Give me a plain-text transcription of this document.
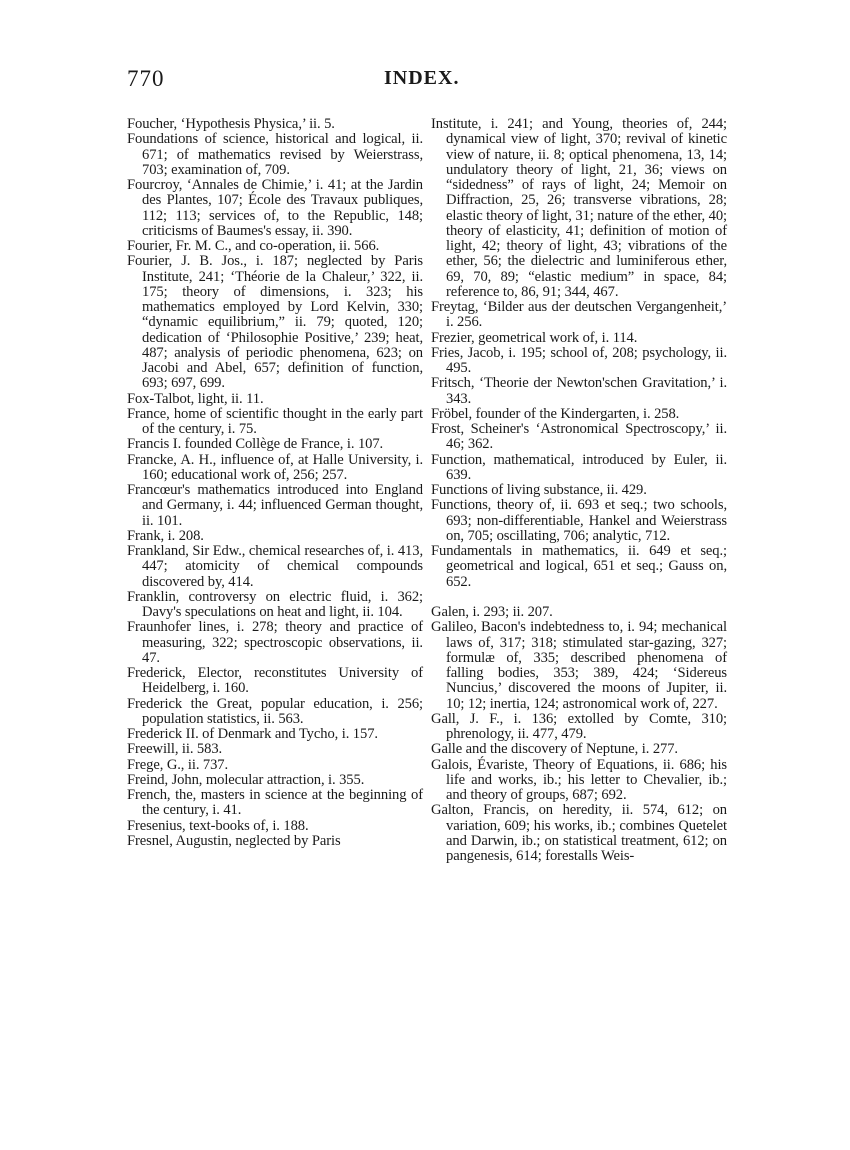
770	INDEX.

Foucher, ‘Hypothesis Physica,’ ii. 5.

Foundations of science, historical and logical, ii. 671; of mathematics revised by Weierstrass, 703; examination of, 709.

Fourcroy, ‘Annales de Chimie,’ i. 41; at the Jardin des Plantes, 107; École des Travaux publiques, 112; 113; services of, to the Republic, 148; criticisms of Baumes's essay, ii. 390.

Fourier, Fr. M. C., and co-operation, ii. 566.

Fourier, J. B. Jos., i. 187; neglected by Paris Institute, 241; ‘Théorie de la Chaleur,’ 322, ii. 175; theory of dimensions, i. 323; his mathematics employed by Lord Kelvin, 330; “dynamic equilibrium,” ii. 79; quoted, 120; dedication of ‘Philosophie Positive,’ 239; heat, 487; analysis of periodic phenomena, 623; on Jacobi and Abel, 657; definition of function, 693; 697, 699.

Fox-Talbot, light, ii. 11.

France, home of scientific thought in the early part of the century, i. 75.

Francis I. founded Collège de France, i. 107.

Francke, A. H., influence of, at Halle University, i. 160; educational work of, 256; 257.

Francœur's mathematics introduced into England and Germany, i. 44; influenced German thought, ii. 101.

Frank, i. 208.

Frankland, Sir Edw., chemical researches of, i. 413, 447; atomicity of chemical compounds discovered by, 414.

Franklin, controversy on electric fluid, i. 362; Davy's speculations on heat and light, ii. 104.

Fraunhofer lines, i. 278; theory and practice of measuring, 322; spectroscopic observations, ii. 47.

Frederick, Elector, reconstitutes University of Heidelberg, i. 160.

Frederick the Great, popular education, i. 256; population statistics, ii. 563.

Frederick II. of Denmark and Tycho, i. 157.

Freewill, ii. 583.

Frege, G., ii. 737.

Freind, John, molecular attraction, i. 355.

French, the, masters in science at the beginning of the century, i. 41.

Fresenius, text-books of, i. 188.

Fresnel, Augustin, neglected by Paris

Institute, i. 241; and Young, theories of, 244; dynamical view of light, 370; revival of kinetic view of nature, ii. 8; optical phenomena, 13, 14; undulatory theory of light, 21, 36; views on “sidedness” of rays of light, 24; Memoir on Diffraction, 25, 26; transverse vibrations, 28; elastic theory of light, 31; nature of the ether, 40; theory of elasticity, 41; definition of motion of light, 42; theory of light, 43; vibrations of the ether, 56; the dielectric and luminiferous ether, 69, 70, 89; “elastic medium” in space, 84; reference to, 86, 91; 344, 467.

Freytag, ‘Bilder aus der deutschen Vergangenheit,’ i. 256.

Frezier, geometrical work of, i. 114.

Fries, Jacob, i. 195; school of, 208; psychology, ii. 495.

Fritsch, ‘Theorie der Newton'schen Gravitation,’ i. 343.

Fröbel, founder of the Kindergarten, i. 258.

Frost, Scheiner's ‘Astronomical Spectroscopy,’ ii. 46; 362.

Function, mathematical, introduced by Euler, ii. 639.

Functions of living substance, ii. 429.

Functions, theory of, ii. 693 et seq.; two schools, 693; non-differentiable, Hankel and Weierstrass on, 705; oscillating, 706; analytic, 712.

Fundamentals in mathematics, ii. 649 et seq.; geometrical and logical, 651 et seq.; Gauss on, 652.

Galen, i. 293; ii. 207.

Galileo, Bacon's indebtedness to, i. 94; mechanical laws of, 317; 318; stimulated star-gazing, 327; formulæ of, 335; described phenomena of falling bodies, 353; 389, 424; ‘Sidereus Nuncius,’ discovered the moons of Jupiter, ii. 10; 12; inertia, 124; astronomical work of, 227.

Gall, J. F., i. 136; extolled by Comte, 310; phrenology, ii. 477, 479.

Galle and the discovery of Neptune, i. 277.

Galois, Évariste, Theory of Equations, ii. 686; his life and works, ib.; his letter to Chevalier, ib.; and theory of groups, 687; 692.

Galton, Francis, on heredity, ii. 574, 612; on variation, 609; his works, ib.; combines Quetelet and Darwin, ib.; on statistical treatment, 612; on pangenesis, 614; forestalls Weis-
